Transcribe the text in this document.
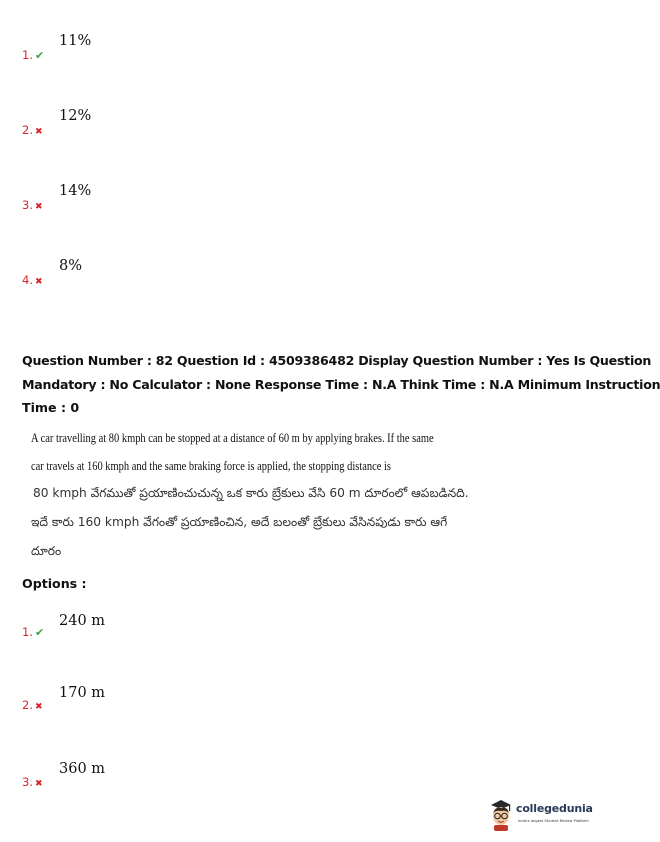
11%
1. ✔
12%
2. ✖
14%
3. ✖
8%
4. ✖
Question Number : 82 Question Id : 4509386482 Display Question Number : Yes Is Question
Mandatory : No Calculator : None Response Time : N.A Think Time : N.A Minimum Instruction
Time : 0
A car travelling at 80 kmph can be stopped at a distance of 60 m by applying brakes. If the same
car travels at 160 kmph and the same braking force is applied, the stopping distance is
80 kmph వేగముతో ప్రయాణించుచున్న ఒక కారు బ్రేకులు వేసి 60 m దూరంలో ఆపబడినది.
ఇదే కారు 160 kmph వేగంతో ప్రయాణించిన, అదే బలంతో బ్రేకులు వేసినపుడు కారు ఆగే
దూరం
Options :
240 m
1. ✔
170 m
2. ✖
360 m
3. ✖
collegedunia
India's largest Student Review Platform
